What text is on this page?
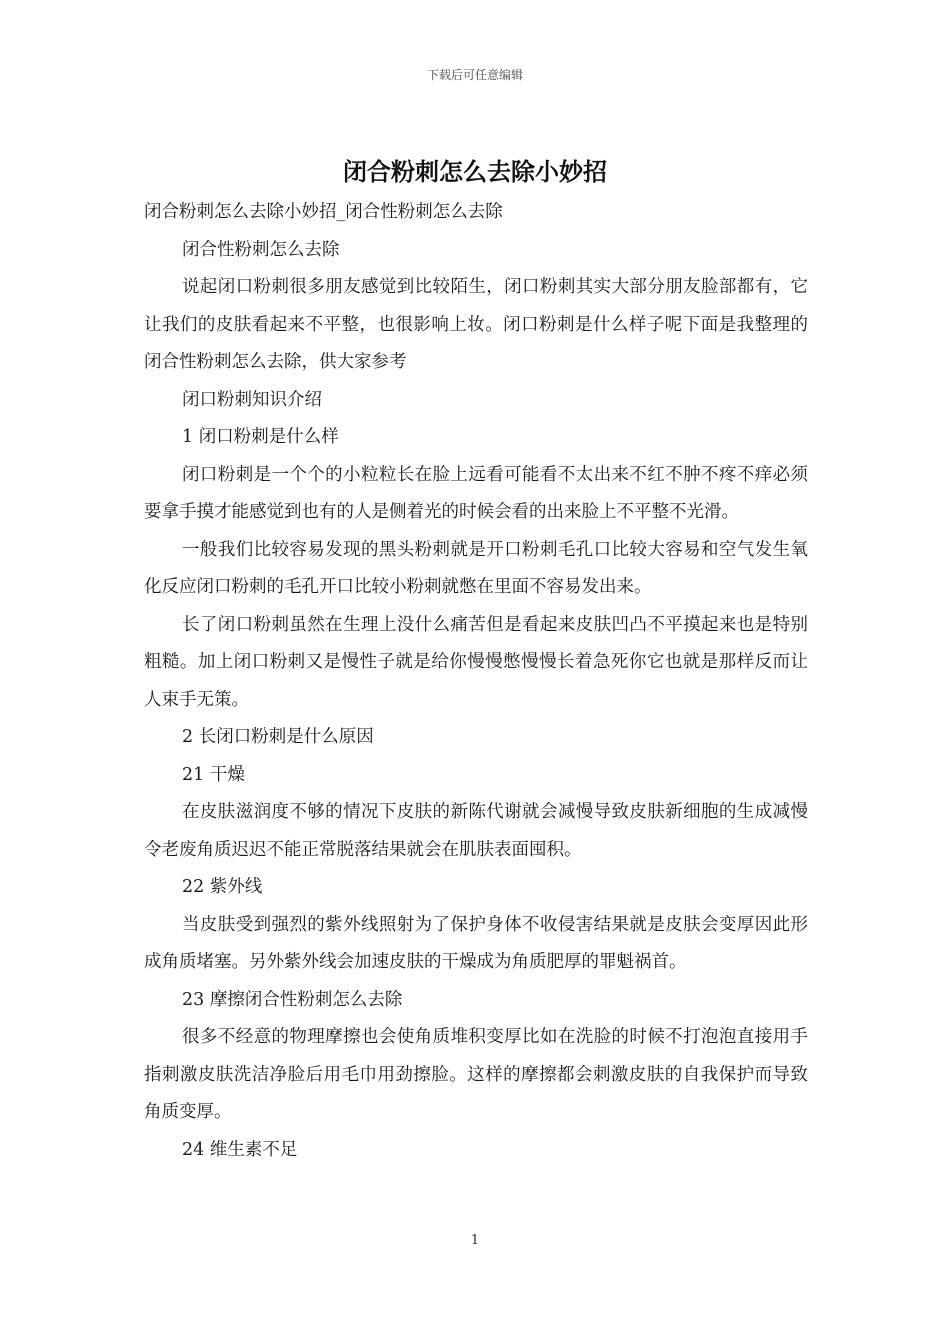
下载后可任意编辑
闭合粉刺怎么去除小妙招

闭合粉刺怎么去除小妙招_闭合性粉刺怎么去除

闭合性粉刺怎么去除

说起闭口粉刺很多朋友感觉到比较陌生，闭口粉刺其实大部分朋友脸部都有，它让我们的皮肤看起来不平整，也很影响上妆。闭口粉刺是什么样子呢下面是我整理的闭合性粉刺怎么去除，供大家参考

闭口粉刺知识介绍

1 闭口粉刺是什么样

闭口粉刺是一个个的小粒粒长在脸上远看可能看不太出来不红不肿不疼不痒必须要拿手摸才能感觉到也有的人是侧着光的时候会看的出来脸上不平整不光滑。

一般我们比较容易发现的黑头粉刺就是开口粉刺毛孔口比较大容易和空气发生氧化反应闭口粉刺的毛孔开口比较小粉刺就憋在里面不容易发出来。

长了闭口粉刺虽然在生理上没什么痛苦但是看起来皮肤凹凸不平摸起来也是特别粗糙。加上闭口粉刺又是慢性子就是给你慢慢憋慢慢长着急死你它也就是那样反而让人束手无策。

2 长闭口粉刺是什么原因

21 干燥

在皮肤滋润度不够的情况下皮肤的新陈代谢就会减慢导致皮肤新细胞的生成减慢令老废角质迟迟不能正常脱落结果就会在肌肤表面囤积。

22 紫外线

当皮肤受到强烈的紫外线照射为了保护身体不收侵害结果就是皮肤会变厚因此形成角质堵塞。另外紫外线会加速皮肤的干燥成为角质肥厚的罪魁祸首。

23 摩擦闭合性粉刺怎么去除

很多不经意的物理摩擦也会使角质堆积变厚比如在洗脸的时候不打泡泡直接用手指刺激皮肤洗洁净脸后用毛巾用劲擦脸。这样的摩擦都会刺激皮肤的自我保护而导致角质变厚。

24 维生素不足

1
